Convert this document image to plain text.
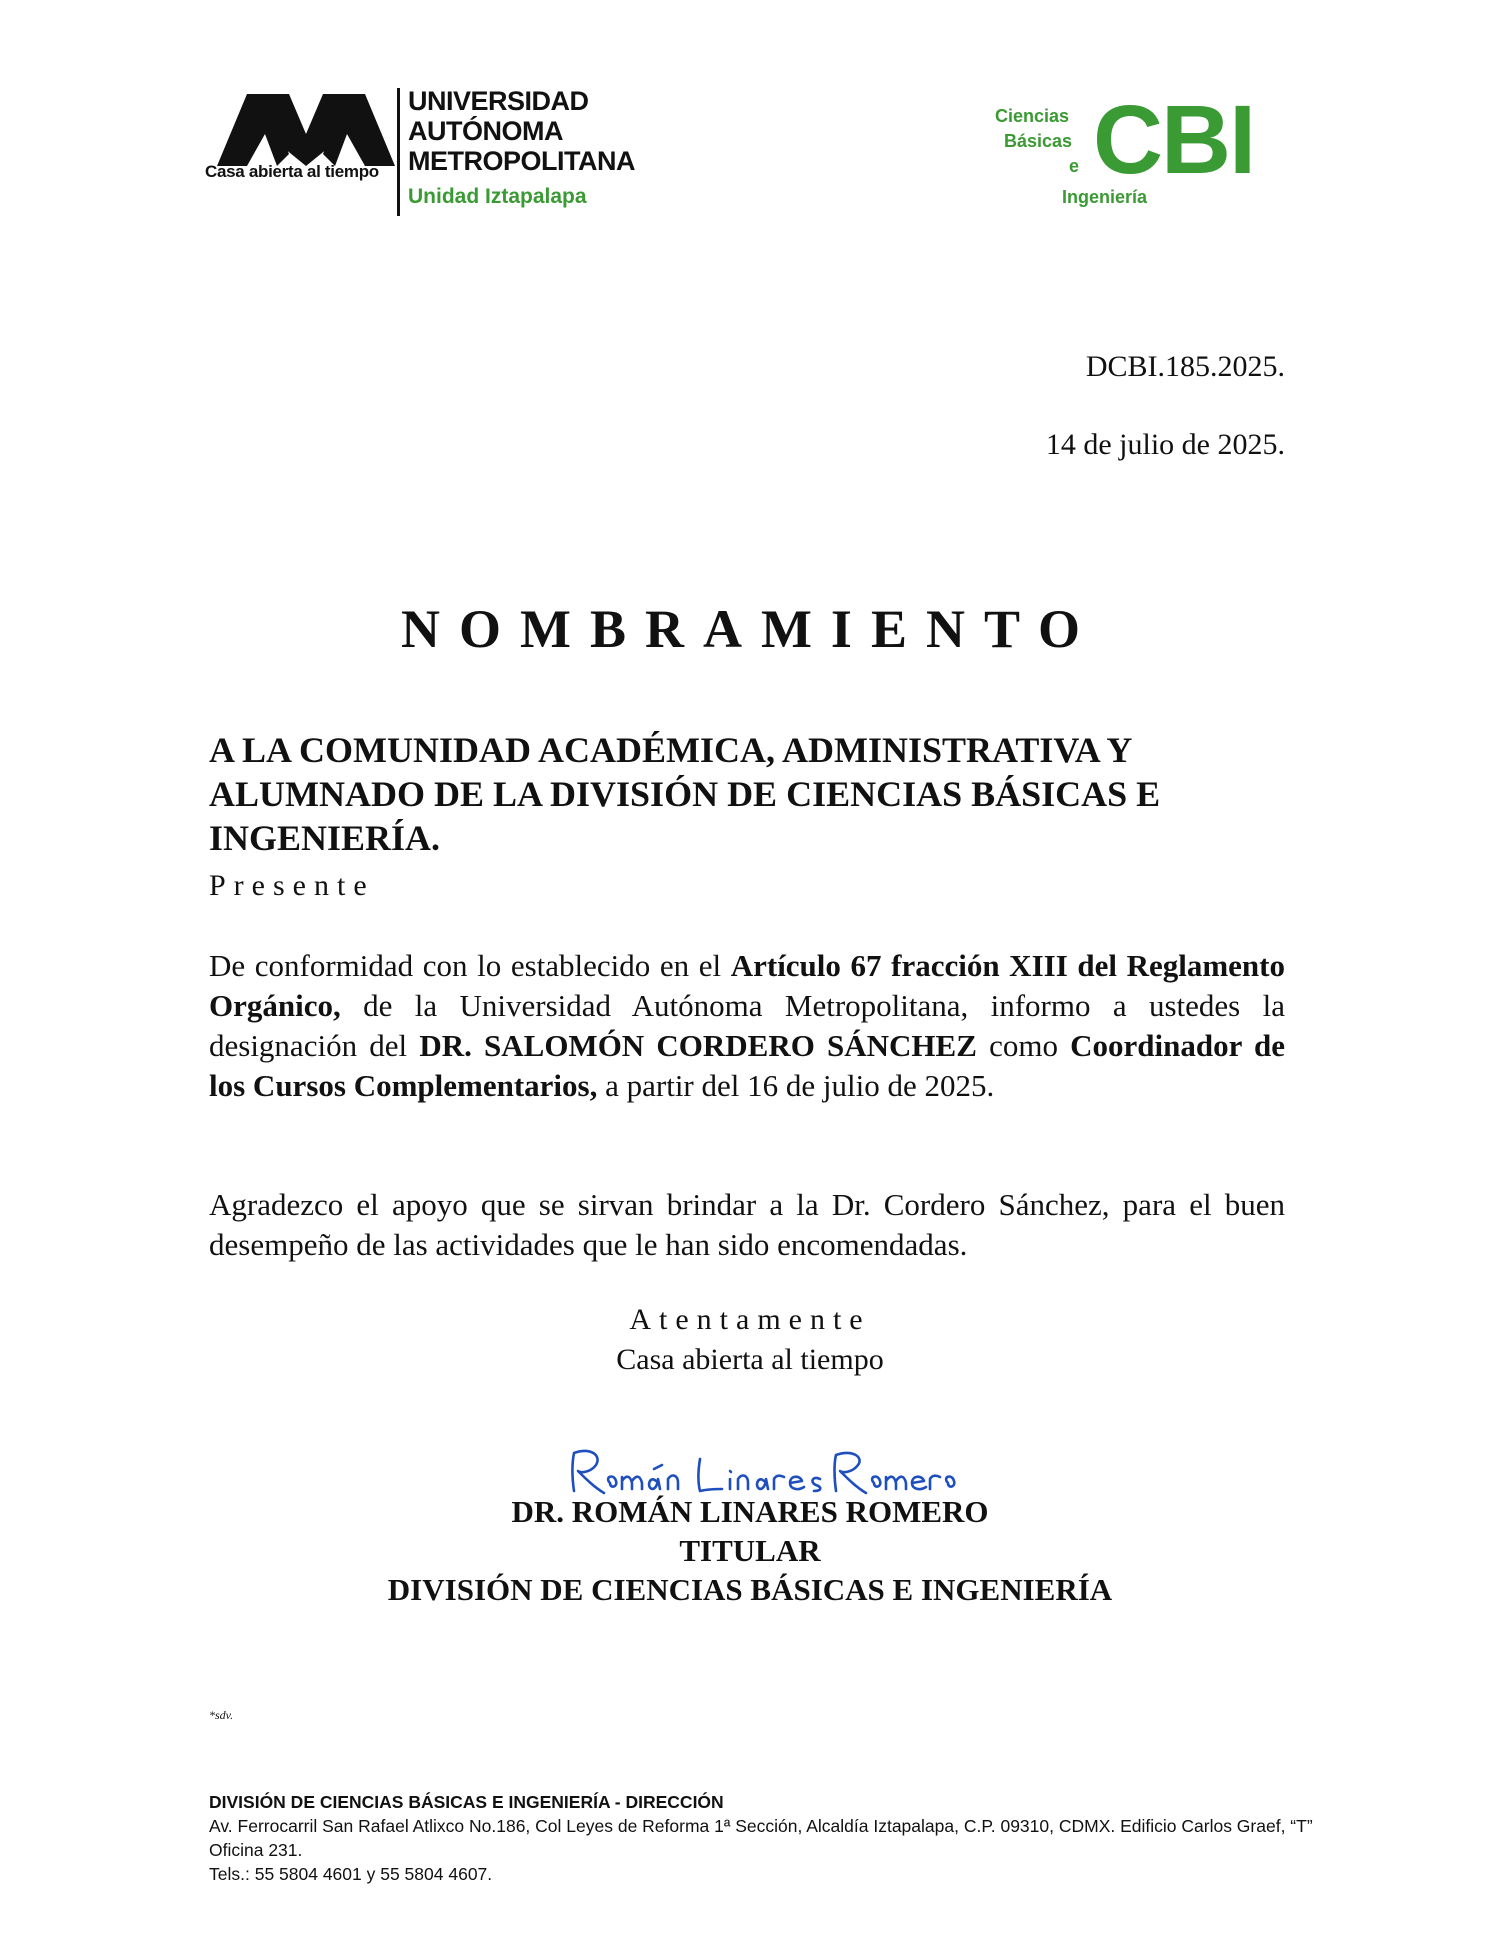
Casa abierta al tiempo
UNIVERSIDAD
AUTÓNOMA
METROPOLITANA
Unidad Iztapalapa
Ciencias
Básicas
e
Ingeniería
CBI
DCBI.185.2025.
14 de julio de 2025.
NOMBRAMIENTO
A LA COMUNIDAD ACADÉMICA, ADMINISTRATIVA Y ALUMNADO DE LA DIVISIÓN DE CIENCIAS BÁSICAS E INGENIERÍA.
Presente
De conformidad con lo establecido en el Artículo 67 fracción XIII del Reglamento Orgánico, de la Universidad Autónoma Metropolitana, informo a ustedes la designación del DR. SALOMÓN CORDERO SÁNCHEZ como Coordinador de los Cursos Complementarios, a partir del 16 de julio de 2025.
Agradezco el apoyo que se sirvan brindar a la Dr. Cordero Sánchez, para el buen desempeño de las actividades que le han sido encomendadas.
Atentamente
Casa abierta al tiempo
DR. ROMÁN LINARES ROMERO
TITULAR
DIVISIÓN DE CIENCIAS BÁSICAS E INGENIERÍA
*sdv.
DIVISIÓN DE CIENCIAS BÁSICAS E INGENIERÍA - DIRECCIÓN
Av. Ferrocarril San Rafael Atlixco No.186, Col Leyes de Reforma 1ª Sección, Alcaldía Iztapalapa, C.P. 09310, CDMX. Edificio Carlos Graef, “T” Oficina 231.
Tels.: 55 5804 4601 y 55 5804 4607.
